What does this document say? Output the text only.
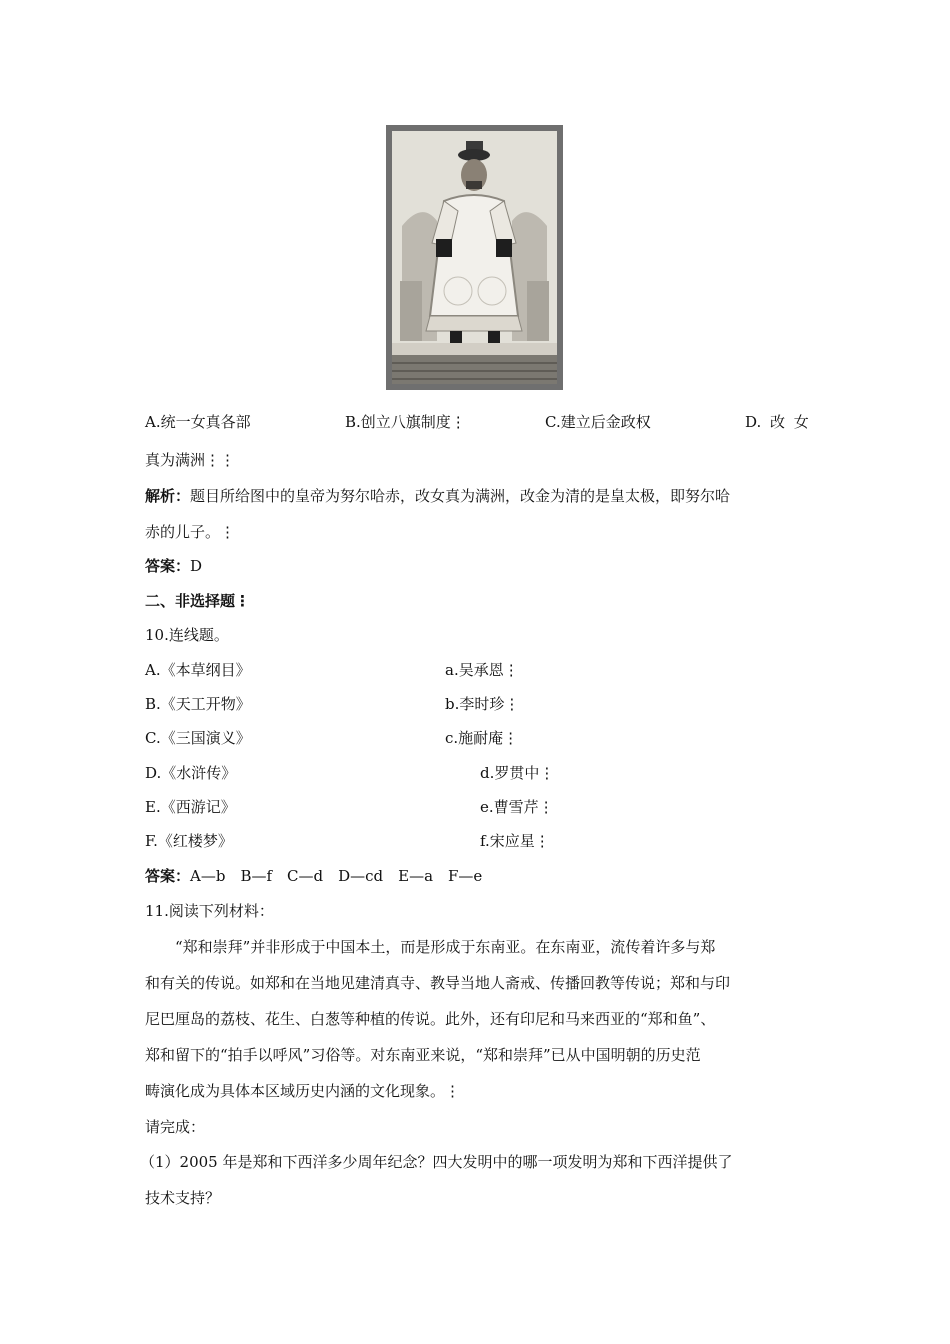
A.统一女真各部	B.创立八旗制度⋮	C.建立后金政权	D. 改 女
真为满洲⋮⋮
解析：题目所给图中的皇帝为努尔哈赤，改女真为满洲，改金为清的是皇太极，即努尔哈
赤的儿子。⋮
答案：D
二、非选择题⋮
10.连线题。
A.《本草纲目》	a.吴承恩⋮
B.《天工开物》	b.李时珍⋮
C.《三国演义》	c.施耐庵⋮
D.《水浒传》	d.罗贯中⋮
E.《西游记》	e.曹雪芹⋮
F.《红楼梦》	f.宋应星⋮
答案：A—b　B—f　C—d　D—cd　E—a　F—e
11.阅读下列材料：
“郑和崇拜”并非形成于中国本土，而是形成于东南亚。在东南亚，流传着许多与郑
和有关的传说。如郑和在当地见建清真寺、教导当地人斋戒、传播回教等传说；郑和与印
尼巴厘岛的荔枝、花生、白葱等种植的传说。此外，还有印尼和马来西亚的“郑和鱼”、
郑和留下的“拍手以呼风”习俗等。对东南亚来说，“郑和崇拜”已从中国明朝的历史范
畴演化成为具体本区域历史内涵的文化现象。⋮
请完成：
（1）2005 年是郑和下西洋多少周年纪念？四大发明中的哪一项发明为郑和下西洋提供了
技术支持？
